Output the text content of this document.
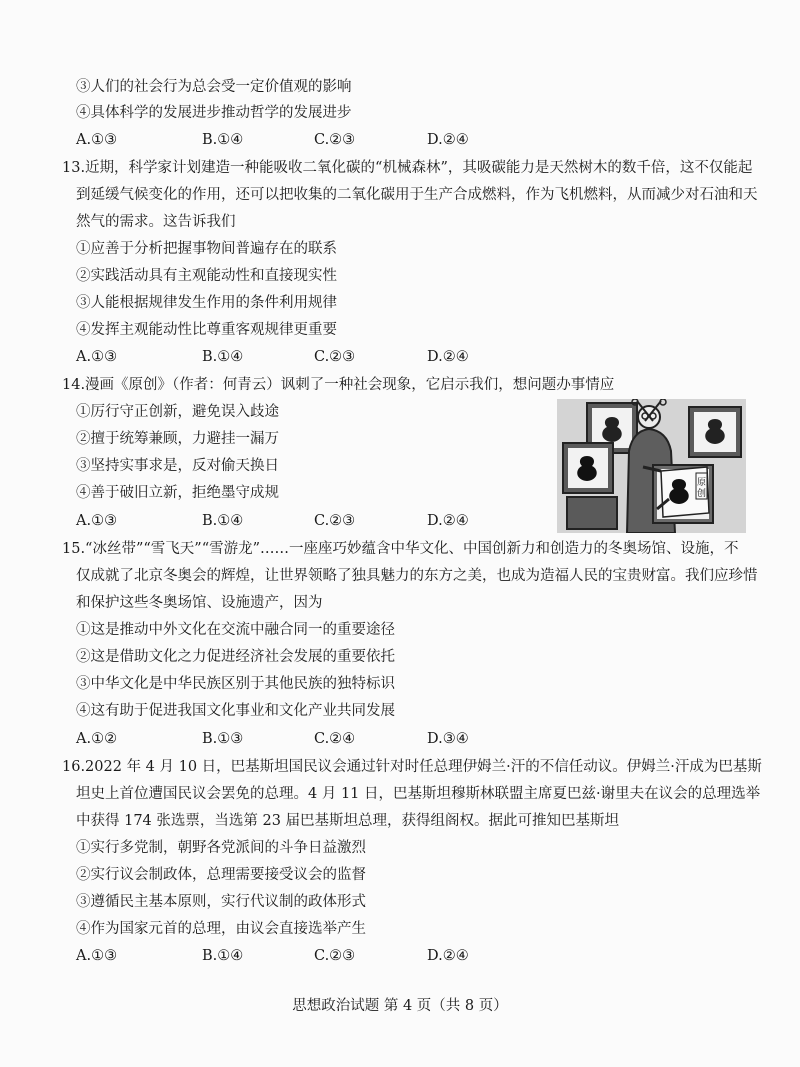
③人们的社会行为总会受一定价值观的影响
④具体科学的发展进步推动哲学的发展进步
A.①③	B.①④	C.②③	D.②④
13.近期，科学家计划建造一种能吸收二氧化碳的“机械森林”，其吸碳能力是天然树木的数千倍，这不仅能起
到延缓气候变化的作用，还可以把收集的二氧化碳用于生产合成燃料，作为飞机燃料，从而减少对石油和天
然气的需求。这告诉我们
①应善于分析把握事物间普遍存在的联系
②实践活动具有主观能动性和直接现实性
③人能根据规律发生作用的条件利用规律
④发挥主观能动性比尊重客观规律更重要
A.①③	B.①④	C.②③	D.②④
14.漫画《原创》（作者：何青云）讽刺了一种社会现象，它启示我们，想问题办事情应
①厉行守正创新，避免误入歧途
②擅于统筹兼顾，力避挂一漏万
③坚持实事求是，反对偷天换日
④善于破旧立新，拒绝墨守成规
A.①③	B.①④	C.②③	D.②④
原
创
15.“冰丝带”“雪飞天”“雪游龙”……一座座巧妙蕴含中华文化、中国创新力和创造力的冬奥场馆、设施，不
仅成就了北京冬奥会的辉煌，让世界领略了独具魅力的东方之美，也成为造福人民的宝贵财富。我们应珍惜
和保护这些冬奥场馆、设施遗产，因为
①这是推动中外文化在交流中融合同一的重要途径
②这是借助文化之力促进经济社会发展的重要依托
③中华文化是中华民族区别于其他民族的独特标识
④这有助于促进我国文化事业和文化产业共同发展
A.①②	B.①③	C.②④	D.③④
16.2022 年 4 月 10 日，巴基斯坦国民议会通过针对时任总理伊姆兰·汗的不信任动议。伊姆兰·汗成为巴基斯
坦史上首位遭国民议会罢免的总理。4 月 11 日，巴基斯坦穆斯林联盟主席夏巴兹·谢里夫在议会的总理选举
中获得 174 张选票，当选第 23 届巴基斯坦总理，获得组阁权。据此可推知巴基斯坦
①实行多党制，朝野各党派间的斗争日益激烈
②实行议会制政体，总理需要接受议会的监督
③遵循民主基本原则，实行代议制的政体形式
④作为国家元首的总理，由议会直接选举产生
A.①③	B.①④	C.②③	D.②④
思想政治试题 第 4 页（共 8 页）
